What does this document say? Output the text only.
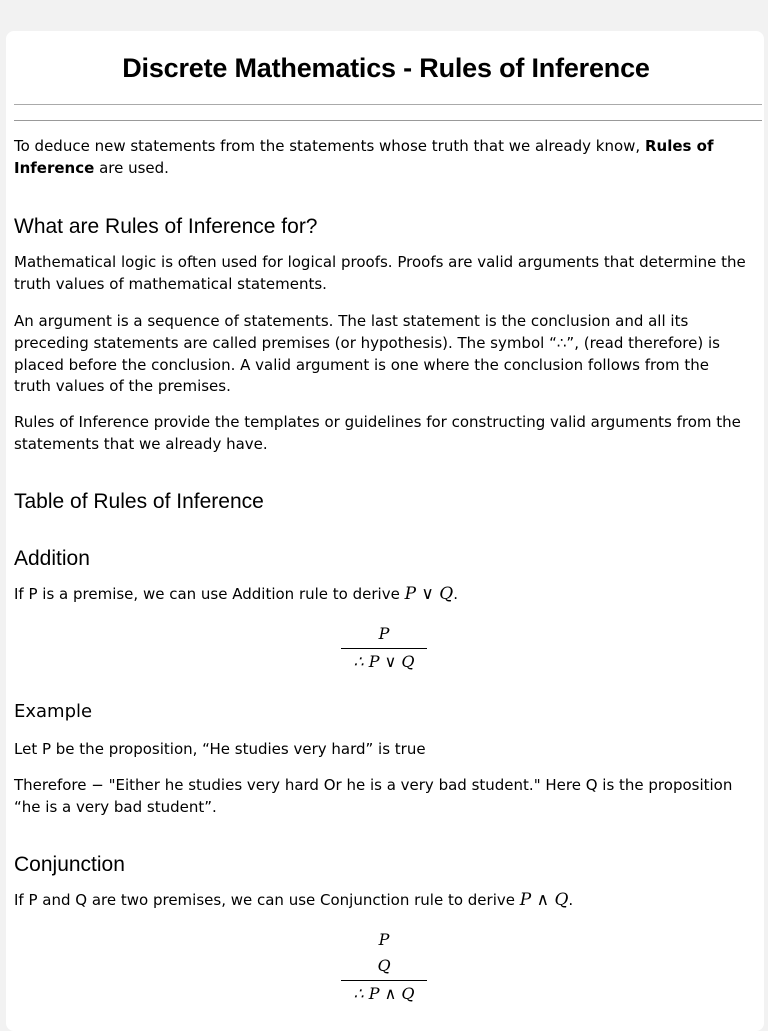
Discrete Mathematics - Rules of Inference

To deduce new statements from the statements whose truth that we already know, Rules of Inference are used.

What are Rules of Inference for?

Mathematical logic is often used for logical proofs. Proofs are valid arguments that determine the truth values of mathematical statements.

An argument is a sequence of statements. The last statement is the conclusion and all its preceding statements are called premises (or hypothesis). The symbol “∴”, (read therefore) is placed before the conclusion. A valid argument is one where the conclusion follows from the truth values of the premises.

Rules of Inference provide the templates or guidelines for constructing valid arguments from the statements that we already have.

Table of Rules of Inference
Addition

If P is a premise, we can use Addition rule to derive P ∨ Q.

P
∴ P ∨ Q
Example

Let P be the proposition, “He studies very hard” is true

Therefore − "Either he studies very hard Or he is a very bad student." Here Q is the proposition “he is a very bad student”.

Conjunction

If P and Q are two premises, we can use Conjunction rule to derive P ∧ Q.

P
Q
∴ P ∧ Q
